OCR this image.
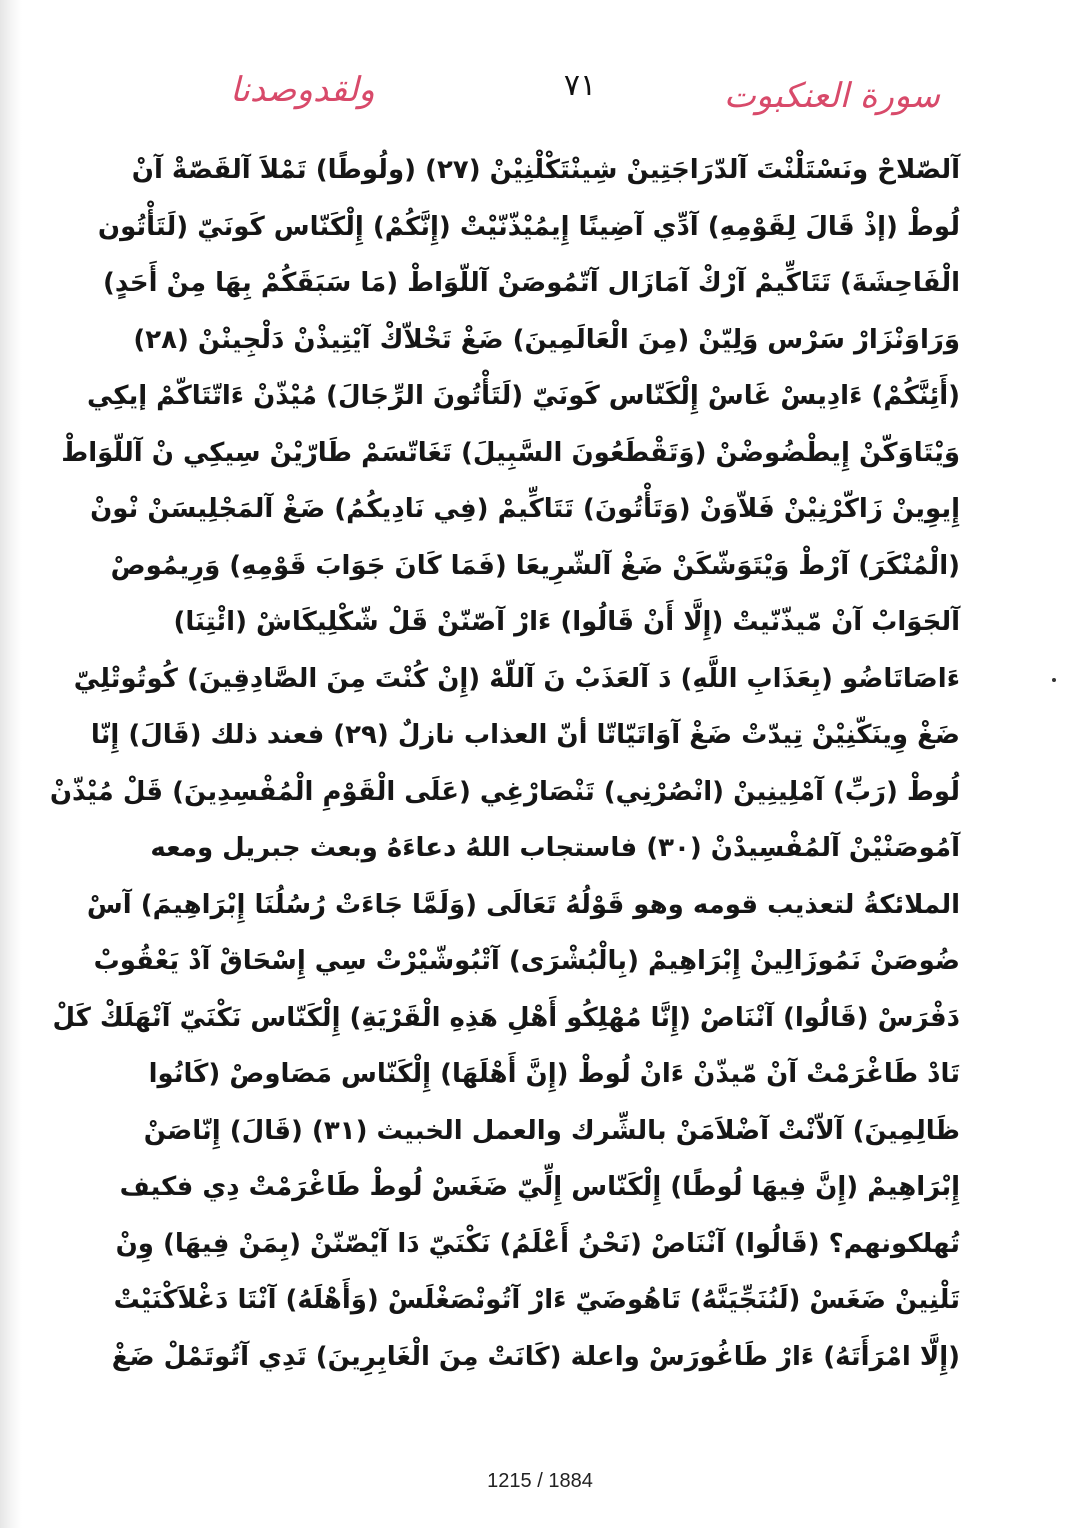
ولقدوصدنا	٧١	سورة العنكبوت
آلصّلاحْ ونَسْتَلْنْتَ آلدّرَاجَتِينْ شِينْتَكْلْنِيْنْ (٢٧) (ولُوطًا) تَمْلاَ آلقَصّةْ آنْ
لُوطْ (إذْ قَالَ لِقَوْمِهِ) آدِّي آضِينًا إِيمُيْذّنّيْتْ (إِنَّكُمْ) إِلْكَنّاس كَونَيّ (لَتَأْتُون
الْفَاحِشَةَ) تَتَاكِّيمْ آرْكْ آمَازَال آتّمُوصَنْ آللّوَاطْ (مَا سَبَقَكُمْ بِهَا مِنْ أَحَدٍ)
وَرَاوَنْزَارْ سَرْس وَلِيّنْ (مِنَ الْعَالَمِينَ) ضَغْ تَخْلاّكْ آيْتِيذْنْ دَلْجِينْنْ (٢٨)
(أَئِنَّكُمْ) ءَادِيسْ غَاسْ إِلْكَنّاس كَونَيّ (لَتَأْتُونَ الرِّجَالَ) مُيْذّنْ ءَاتّتَاكّمْ إيكِي
وَيْتَاوَكّنْ إِيطْضُوضْنْ (وَتَقْطَعُونَ السَّبِيلَ) تَغَاتّسَمْ طَارّيْنْ سِيكِي نْ آللّوَاطْ
إِيوِينْ زَاكّرْنِيْنْ فَلاّوَنْ (وَتَأْتُونَ) تَتَاكِّيمْ (فِي نَادِيكُمُ) ضَغْ آلمَجْلِيسَنْ نْونْ
(الْمُنْكَرَ) آرْطْ وَيْتَوَشّكَنْ ضَغْ آلشّرِيعَا (فَمَا كَانَ جَوَابَ قَوْمِهِ) وَرِيمُوصْ
آلجَوَابْ آنْ مّيذّنّيتْ (إِلَّا أَنْ قَالُوا) ءَارْ آصّنّنْ قَلْ شّكْلِيكَاشْ (ائْتِنَا)
ءَاصَاتَاضُو (بِعَذَابِ اللَّهِ) دَ آلعَذَبْ نَ آللّهْ (إِنْ كُنْتَ مِنَ الصَّادِقِينَ) كُوتُوتْلِيّ
ضَغْ وِينَكّنِيْنْ تِيدّتْ ضَغْ آوَاتَيّاتّا أنّ العذاب نازلٌ (٢٩) فعند ذلك (قَالَ) إِنّا
لُوطْ (رَبِّ) آمْلِينِينْ (انْصُرْنِي) تَنْصَارْغِي (عَلَى الْقَوْمِ الْمُفْسِدِينَ) قَلْ مُيْذّنْ
آمُوصَنْيْنْ آلمُفْسِيدْنْ (٣٠) فاستجاب اللهُ دعاءَهُ وبعث جبريل ومعه
الملائكةُ لتعذيب قومه وهو قَوْلُهُ تَعَالَى (وَلَمَّا جَاءَتْ رُسُلُنَا إِبْرَاهِيمَ) آسْ
ضُوصَنْ نَمُوزَالِينْ إِبْرَاهِيمْ (بِالْبُشْرَى) آتْبُوشّيْرْتْ سِي إِسْحَاقْ آدْ يَعْقُوبْ
دَفْرَسْ (قَالُوا) آنْنَاصْ (إِنَّا مُهْلِكُو أَهْلِ هَذِهِ الْقَرْيَةِ) إِلْكَنّاس نَكْنَيّ آنْهَلَكْ كَلْ
تَادْ طَاغْرَمْتْ آنْ مّيذّنْ ءَانْ لُوطْ (إِنَّ أَهْلَهَا) إِلْكَنّاس مَصَاوصْ (كَانُوا
ظَالِمِينَ) آلاّنْتْ آضْلاَمَنْ بالشِّرك والعمل الخبيث (٣١) (قَالَ) إِنّاصَنْ
إِبْرَاهِيمْ (إِنَّ فِيهَا لُوطًا) إِلْكَنّاس إِلِّيّ ضَغَسْ لُوطْ طَاغْرَمْتْ دِي فكيف
تُهلكونهم؟ (قَالُوا) آنْنَاصْ (نَحْنُ أَعْلَمُ) نَكْنَيّ دَا آيْصّنّنْ (بِمَنْ فِيهَا) وِنْ
تَلْنِينْ ضَغَسْ (لَنُنَجِّيَنَّهُ) تَاهُوضَيّ ءَارْ آتُونْصَغْلَسْ (وَأَهْلَهُ) آنْتَا دَغْلاَكْنَيْتْ
(إِلَّا امْرَأَتَهُ) ءَارْ طَاغُورَسْ واعلة (كَانَتْ مِنَ الْغَابِرِينَ) تَدِي آتُوتَمْلْ ضَغْ
1215 / 1884
